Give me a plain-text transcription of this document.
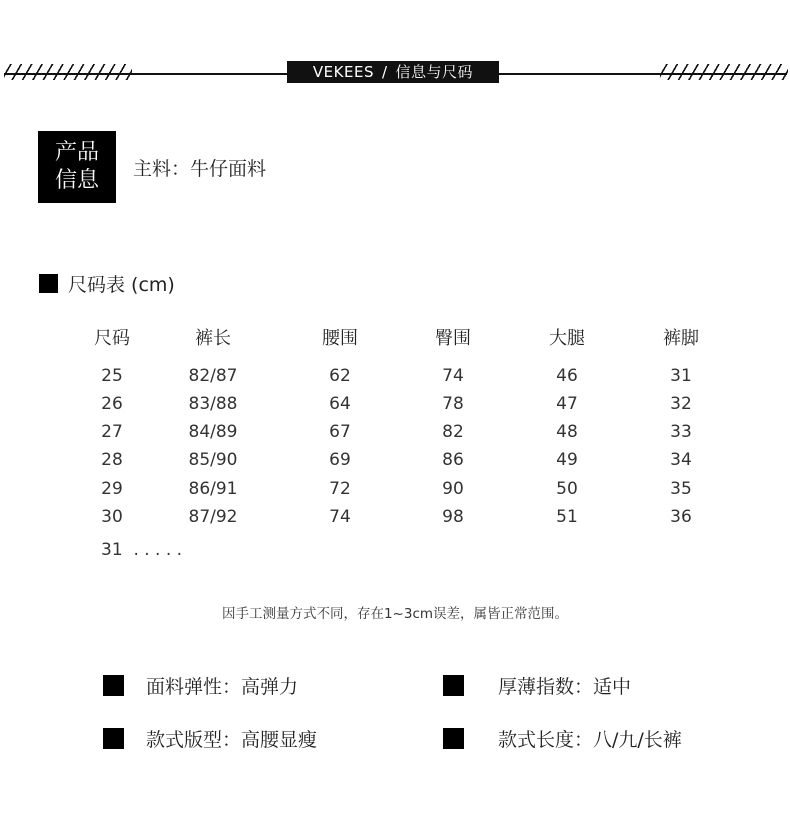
VEKEES / 信息与尺码
产品
信息	主料：牛仔面料
尺码表 (cm)
尺码	裤长	腰围	臀围	大腿	裤脚
25	82/87	62	74	46	31
26	83/88	64	78	47	32
27	84/89	67	82	48	33
28	85/90	69	86	49	34
29	86/91	72	90	50	35
30	87/92	74	98	51	36
31  . . . . .
因手工测量方式不同，存在1~3cm误差，属皆正常范围。
面料弹性：高弹力	厚薄指数：适中
款式版型：高腰显瘦	款式长度：八/九/长裤
